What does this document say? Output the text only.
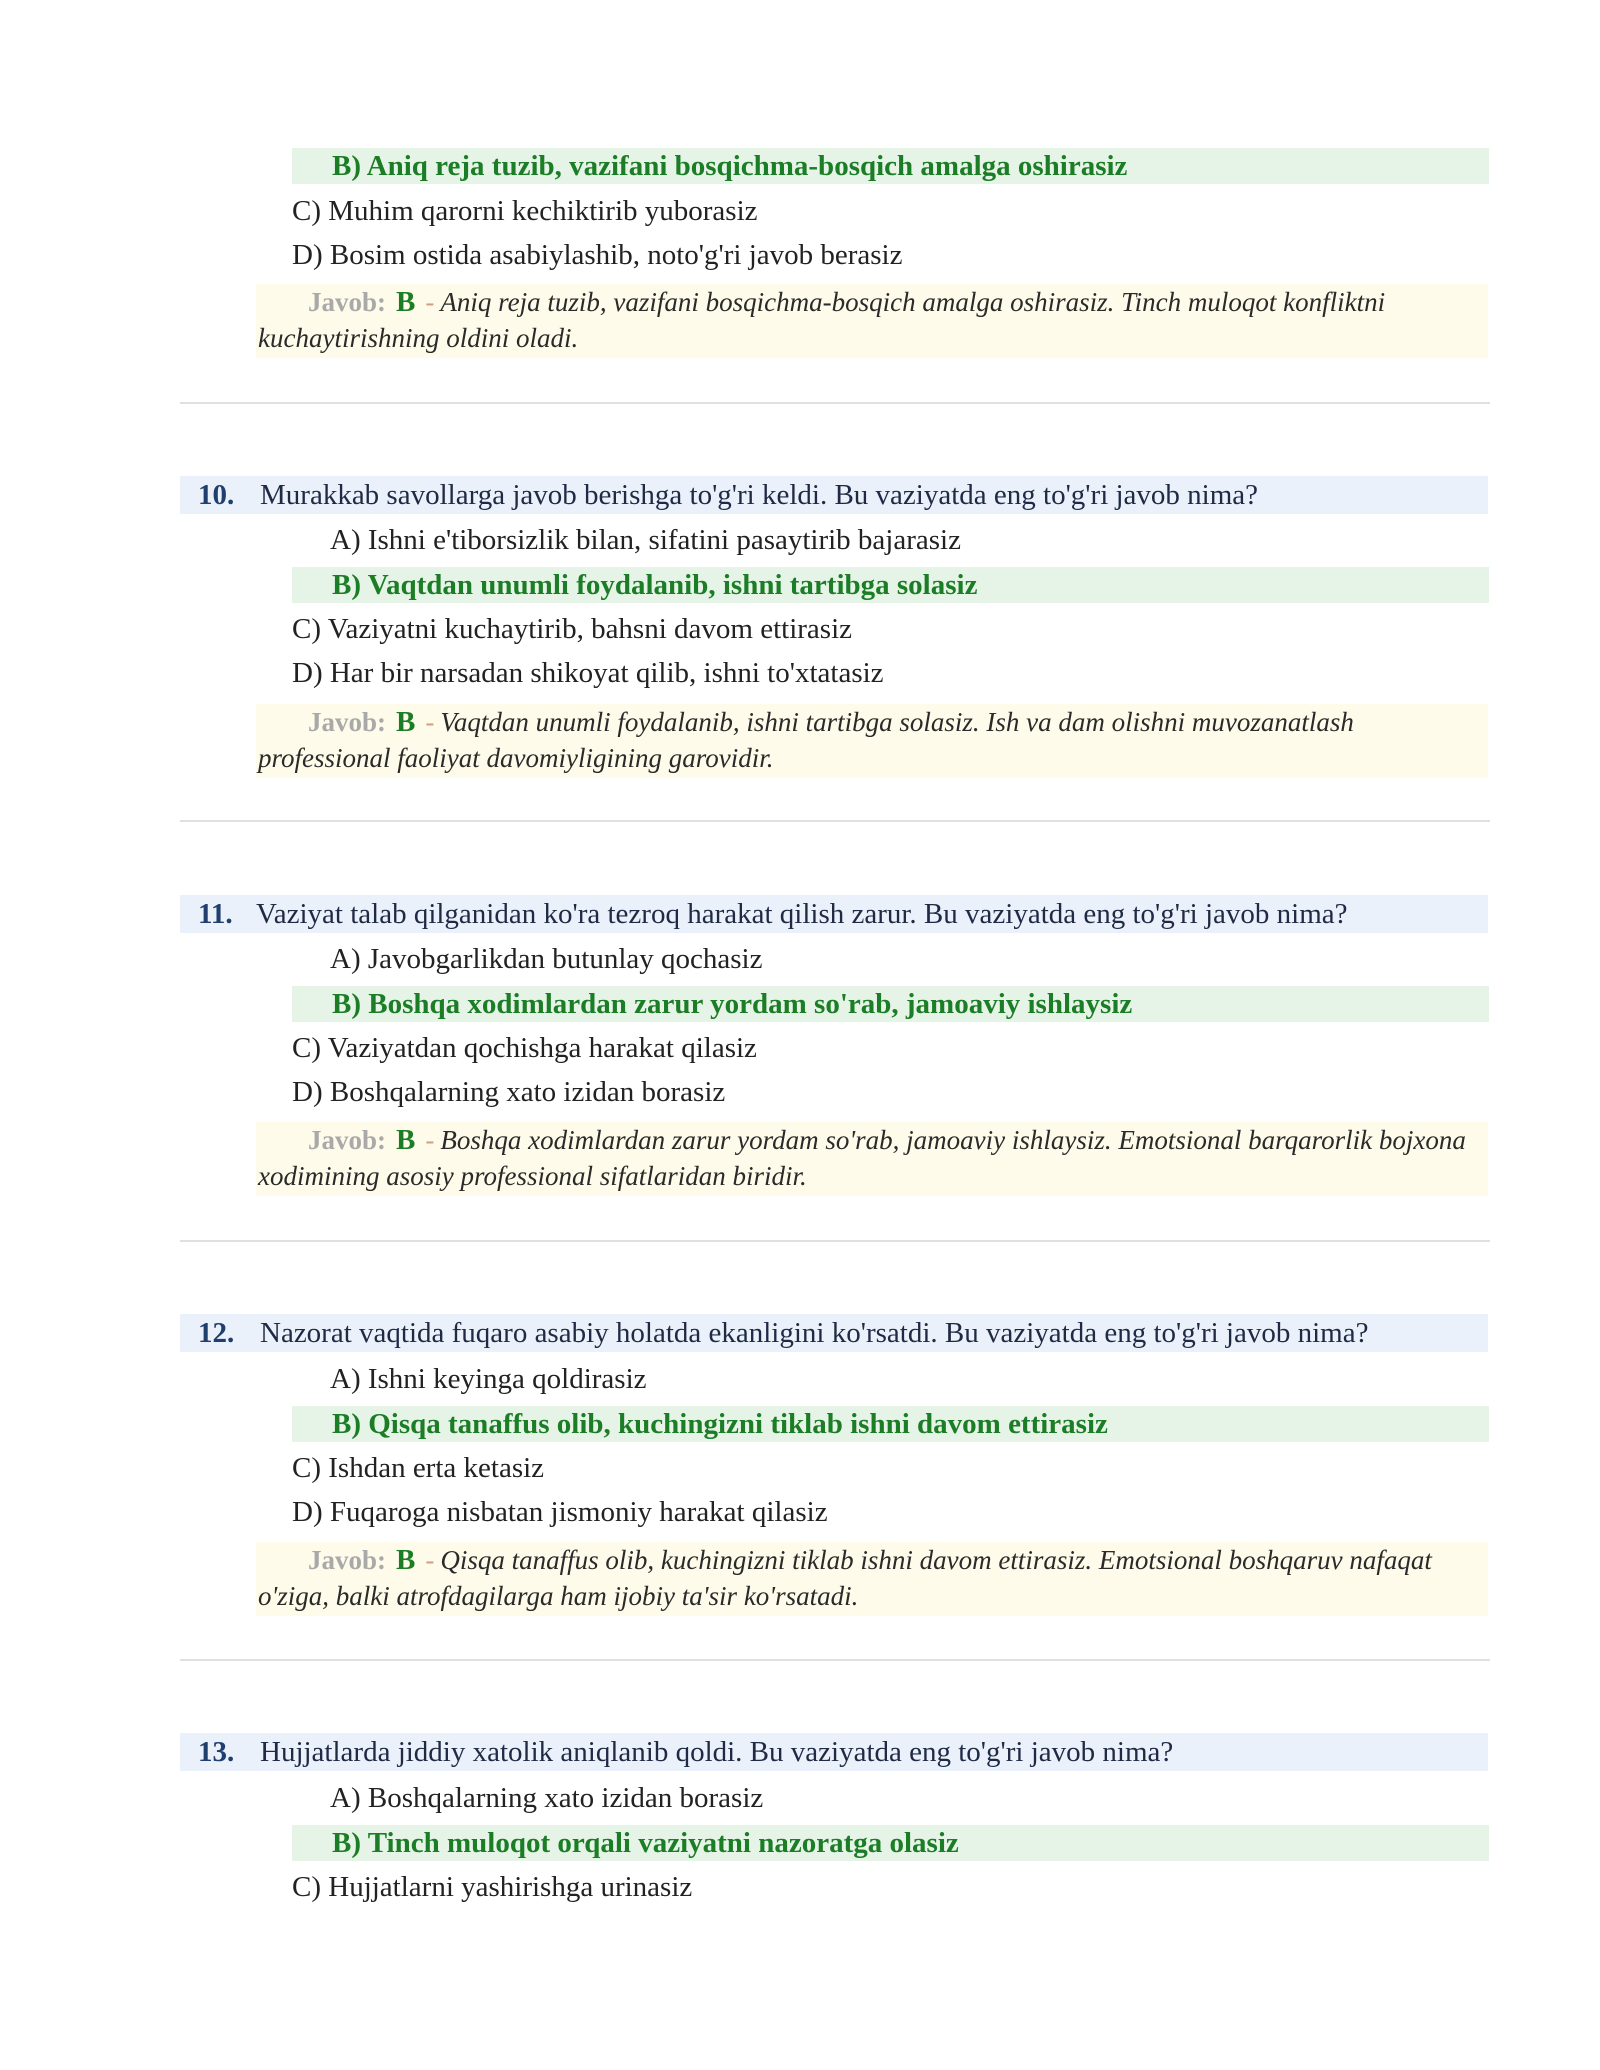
B) Aniq reja tuzib, vazifani bosqichma-bosqich amalga oshirasiz
C) Muhim qarorni kechiktirib yuborasiz
D) Bosim ostida asabiylashib, noto'g'ri javob berasiz
Javob: B - Aniq reja tuzib, vazifani bosqichma-bosqich amalga oshirasiz. Tinch muloqot konfliktni kuchaytirishning oldini oladi.
10. Murakkab savollarga javob berishga to'g'ri keldi. Bu vaziyatda eng to'g'ri javob nima?
A) Ishni e'tiborsizlik bilan, sifatini pasaytirib bajarasiz
B) Vaqtdan unumli foydalanib, ishni tartibga solasiz
C) Vaziyatni kuchaytirib, bahsni davom ettirasiz
D) Har bir narsadan shikoyat qilib, ishni to'xtatasiz
Javob: B - Vaqtdan unumli foydalanib, ishni tartibga solasiz. Ish va dam olishni muvozanatlash professional faoliyat davomiyligining garovidir.
11. Vaziyat talab qilganidan ko'ra tezroq harakat qilish zarur. Bu vaziyatda eng to'g'ri javob nima?
A) Javobgarlikdan butunlay qochasiz
B) Boshqa xodimlardan zarur yordam so'rab, jamoaviy ishlaysiz
C) Vaziyatdan qochishga harakat qilasiz
D) Boshqalarning xato izidan borasiz
Javob: B - Boshqa xodimlardan zarur yordam so'rab, jamoaviy ishlaysiz. Emotsional barqarorlik bojxona xodimining asosiy professional sifatlaridan biridir.
12. Nazorat vaqtida fuqaro asabiy holatda ekanligini ko'rsatdi. Bu vaziyatda eng to'g'ri javob nima?
A) Ishni keyinga qoldirasiz
B) Qisqa tanaffus olib, kuchingizni tiklab ishni davom ettirasiz
C) Ishdan erta ketasiz
D) Fuqaroga nisbatan jismoniy harakat qilasiz
Javob: B - Qisqa tanaffus olib, kuchingizni tiklab ishni davom ettirasiz. Emotsional boshqaruv nafaqat o'ziga, balki atrofdagilarga ham ijobiy ta'sir ko'rsatadi.
13. Hujjatlarda jiddiy xatolik aniqlanib qoldi. Bu vaziyatda eng to'g'ri javob nima?
A) Boshqalarning xato izidan borasiz
B) Tinch muloqot orqali vaziyatni nazoratga olasiz
C) Hujjatlarni yashirishga urinasiz
